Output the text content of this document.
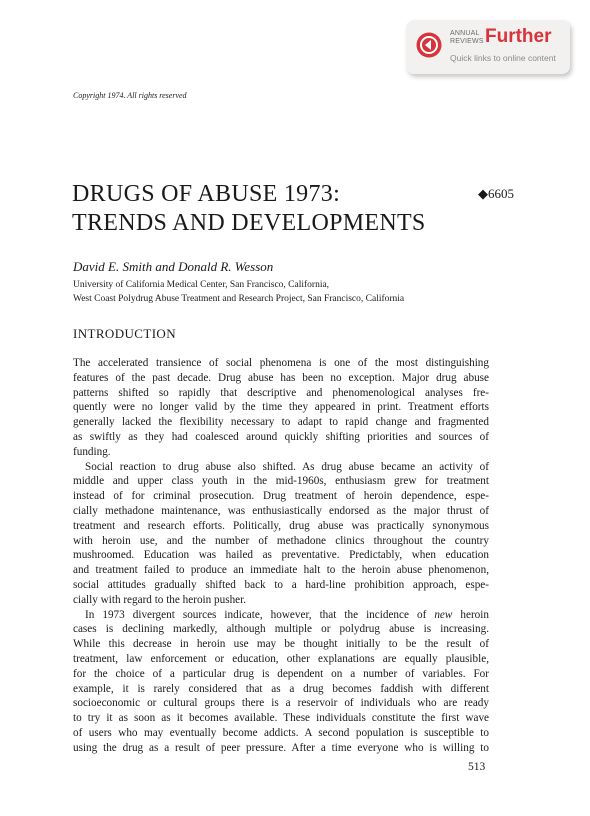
ANNUAL
REVIEWS Further
Quick links to online content
Copyright 1974. All rights reserved
DRUGS OF ABUSE 1973:
TRENDS AND DEVELOPMENTS
◆6605
David E. Smith and Donald R. Wesson
University of California Medical Center, San Francisco, California,
West Coast Polydrug Abuse Treatment and Research Project, San Francisco, California
INTRODUCTION
The accelerated transience of social phenomena is one of the most distinguishing
features of the past decade. Drug abuse has been no exception. Major drug abuse
patterns shifted so rapidly that descriptive and phenomenological analyses fre-
quently were no longer valid by the time they appeared in print. Treatment efforts
generally lacked the flexibility necessary to adapt to rapid change and fragmented
as swiftly as they had coalesced around quickly shifting priorities and sources of
funding.
Social reaction to drug abuse also shifted. As drug abuse became an activity of
middle and upper class youth in the mid-1960s, enthusiasm grew for treatment
instead of for criminal prosecution. Drug treatment of heroin dependence, espe-
cially methadone maintenance, was enthusiastically endorsed as the major thrust of
treatment and research efforts. Politically, drug abuse was practically synonymous
with heroin use, and the number of methadone clinics throughout the country
mushroomed. Education was hailed as preventative. Predictably, when education
and treatment failed to produce an immediate halt to the heroin abuse phenomenon,
social attitudes gradually shifted back to a hard-line prohibition approach, espe-
cially with regard to the heroin pusher.
In 1973 divergent sources indicate, however, that the incidence of new heroin
cases is declining markedly, although multiple or polydrug abuse is increasing.
While this decrease in heroin use may be thought initially to be the result of
treatment, law enforcement or education, other explanations are equally plausible,
for the choice of a particular drug is dependent on a number of variables. For
example, it is rarely considered that as a drug becomes faddish with different
socioeconomic or cultural groups there is a reservoir of individuals who are ready
to try it as soon as it becomes available. These individuals constitute the first wave
of users who may eventually become addicts. A second population is susceptible to
using the drug as a result of peer pressure. After a time everyone who is willing to
513
